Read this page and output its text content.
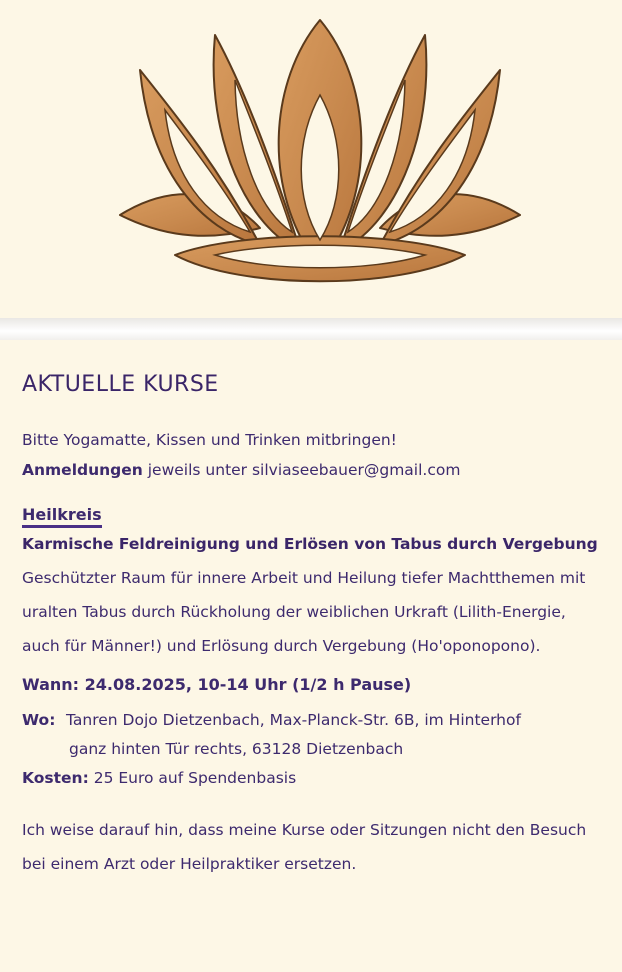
AKTUELLE KURSE
Bitte Yogamatte, Kissen und Trinken mitbringen!
Anmeldungen jeweils unter silviaseebauer@gmail.com
Heilkreis
Karmische Feldreinigung und Erlösen von Tabus durch Vergebung
Geschützter Raum für innere Arbeit und Heilung tiefer Machtthemen mit uralten Tabus durch Rückholung der weiblichen Urkraft (Lilith-Energie, auch für Männer!) und Erlösung durch Vergebung (Ho'oponopono).
Wann: 24.08.2025, 10-14 Uhr (1/2 h Pause)
Wo: Tanren Dojo Dietzenbach, Max-Planck-Str. 6B, im Hinterhof
ganz hinten Tür rechts, 63128 Dietzenbach
Kosten: 25 Euro auf Spendenbasis
Ich weise darauf hin, dass meine Kurse oder Sitzungen nicht den Besuch bei einem Arzt oder Heilpraktiker ersetzen.
